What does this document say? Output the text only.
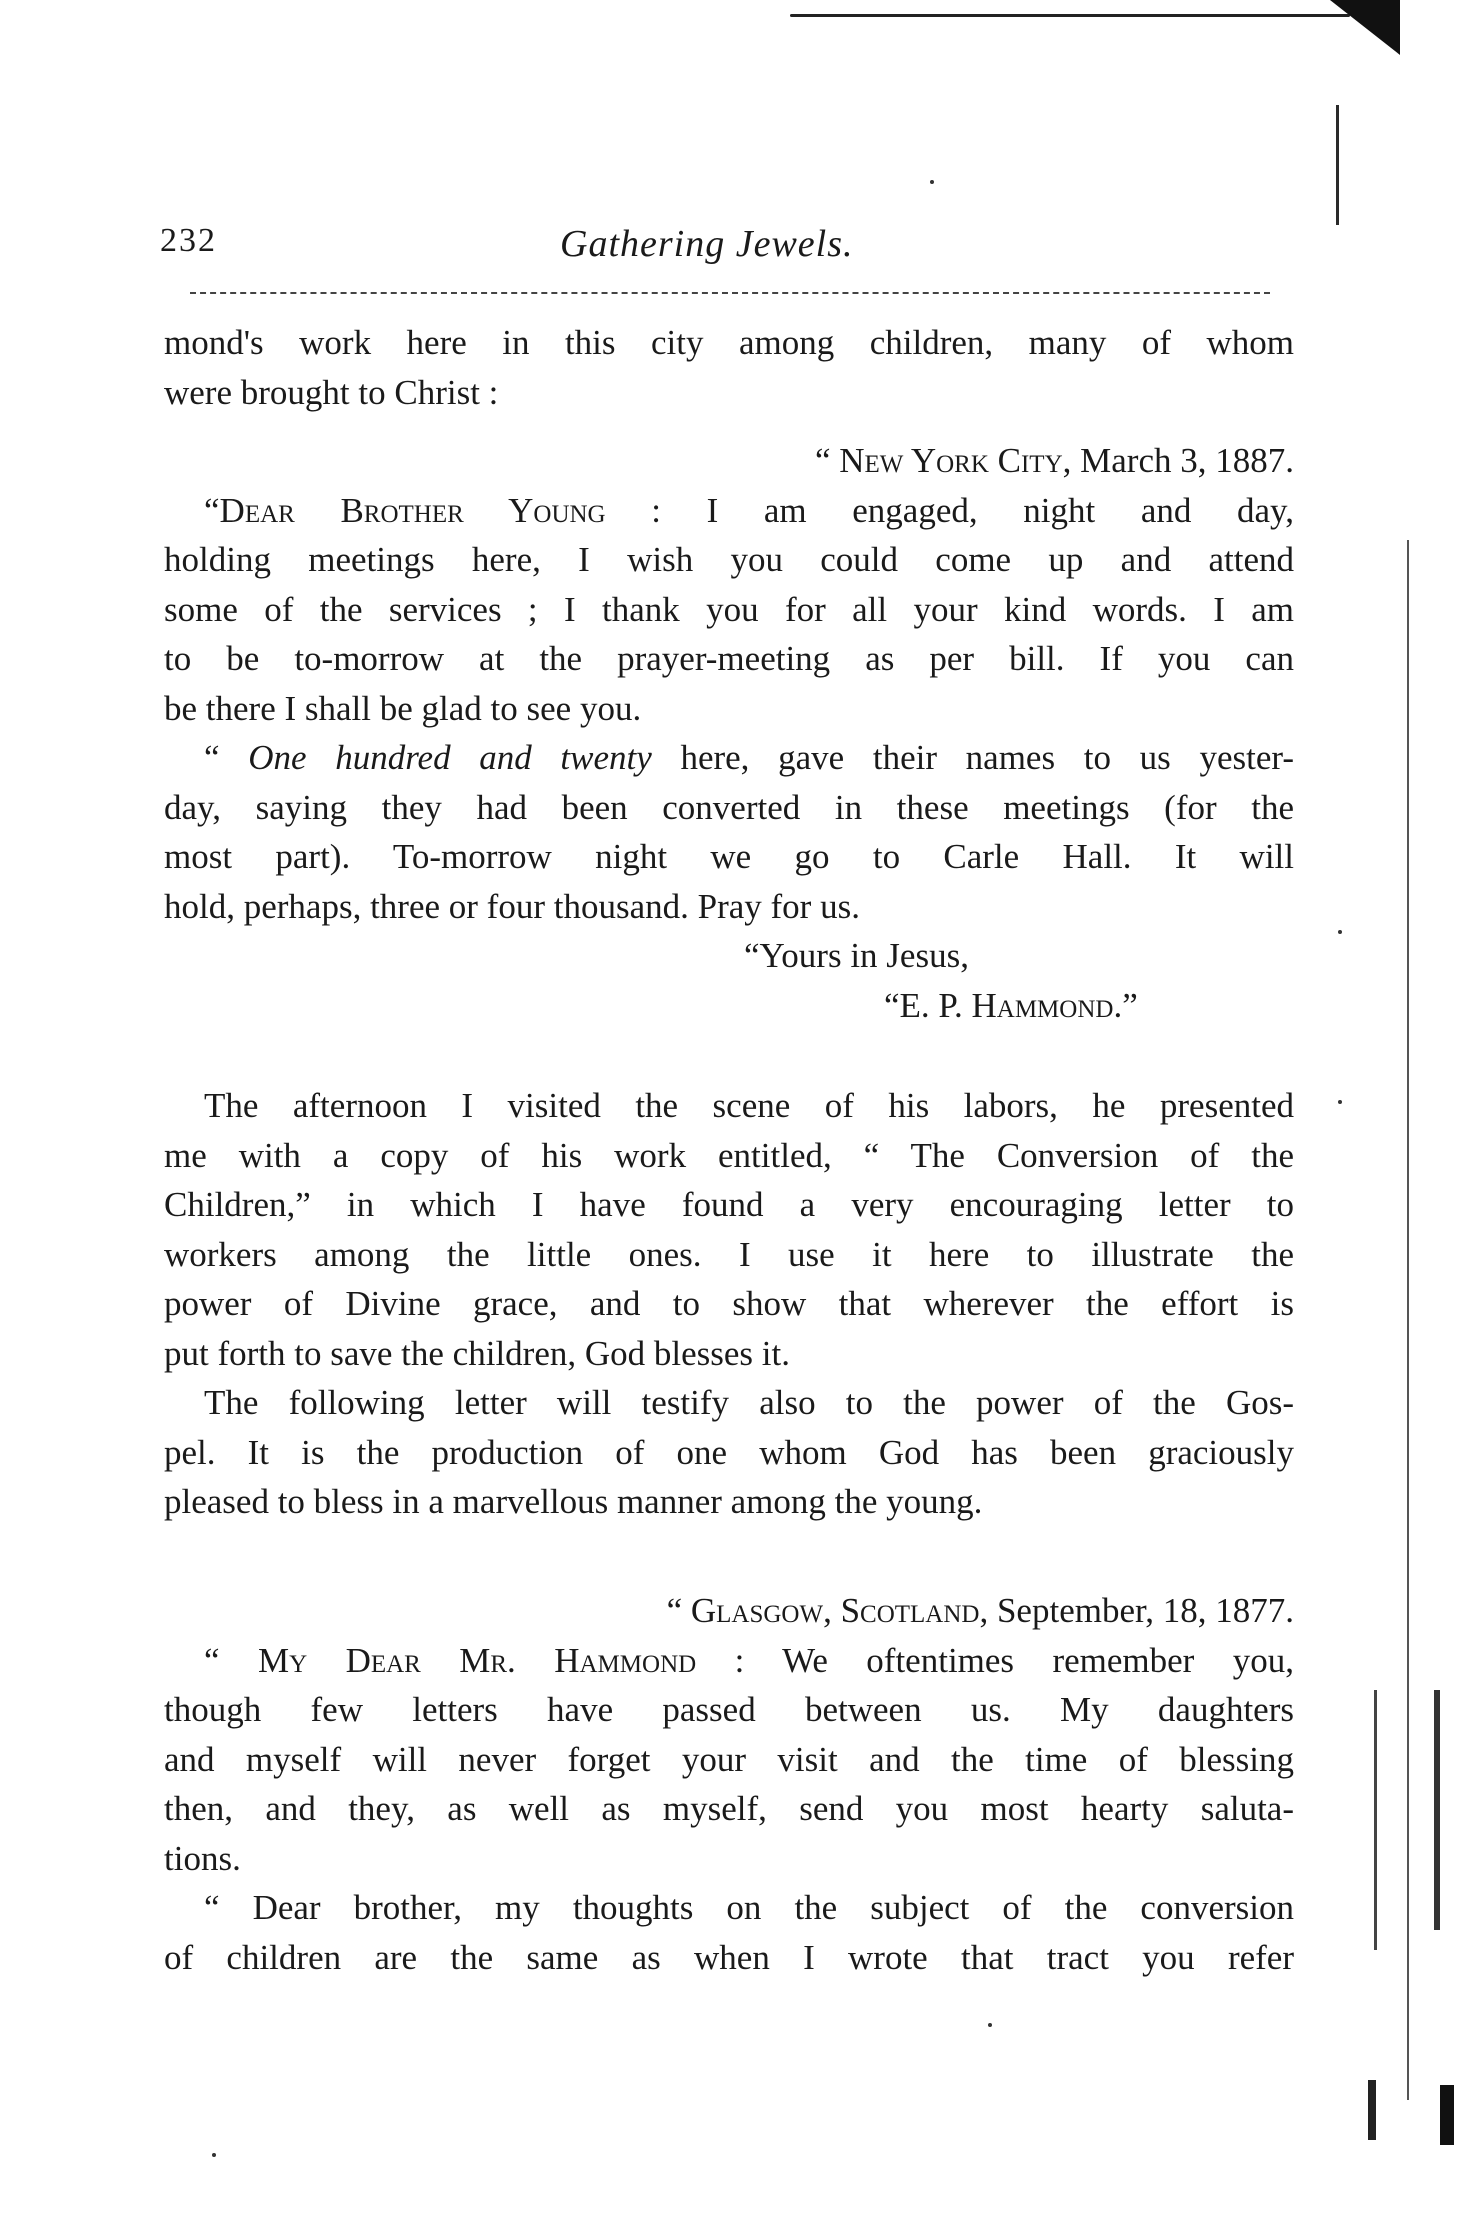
232	Gathering Jewels.
mond's work here in this city among children, many of whom
were brought to Christ :
“ New York City, March 3, 1887.
“Dear Brother Young : I am engaged, night and day,
holding meetings here, I wish you could come up and attend
some of the services ; I thank you for all your kind words. I am
to be to-morrow at the prayer-meeting as per bill. If you can
be there I shall be glad to see you.
“ One hundred and twenty here, gave their names to us yester-
day, saying they had been converted in these meetings (for the
most part). To-morrow night we go to Carle Hall. It will
hold, perhaps, three or four thousand. Pray for us.
“Yours in Jesus,
“E. P. Hammond.”
The afternoon I visited the scene of his labors, he presented
me with a copy of his work entitled, “ The Conversion of the
Children,” in which I have found a very encouraging letter to
workers among the little ones. I use it here to illustrate the
power of Divine grace, and to show that wherever the effort is
put forth to save the children, God blesses it.
The following letter will testify also to the power of the Gos-
pel. It is the production of one whom God has been graciously
pleased to bless in a marvellous manner among the young.
“ Glasgow, Scotland, September, 18, 1877.
“ My Dear Mr. Hammond : We oftentimes remember you,
though few letters have passed between us. My daughters
and myself will never forget your visit and the time of blessing
then, and they, as well as myself, send you most hearty saluta-
tions.
“ Dear brother, my thoughts on the subject of the conversion
of children are the same as when I wrote that tract you refer
